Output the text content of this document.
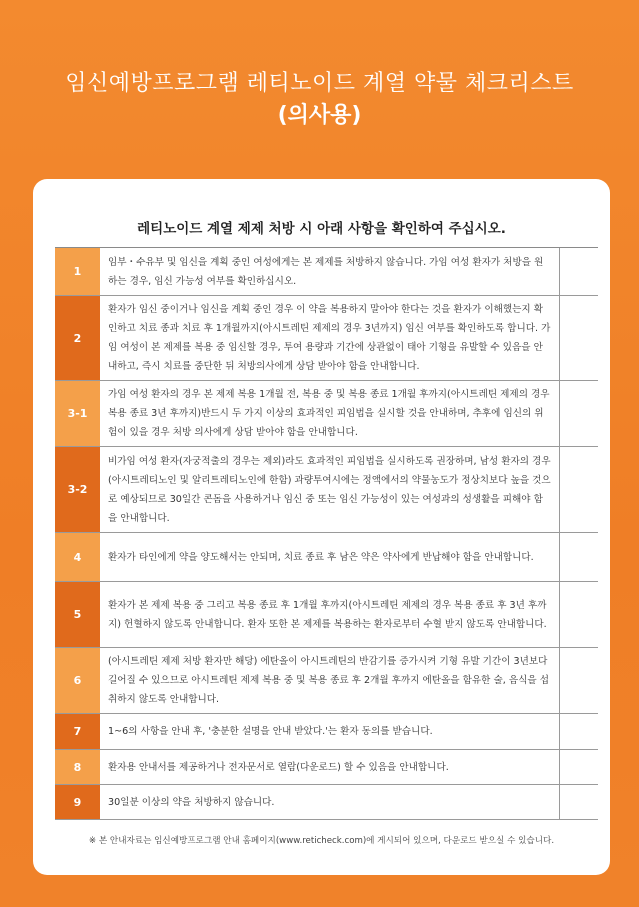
임신예방프로그램 레티노이드 계열 약물 체크리스트
(의사용)
레티노이드 계열 제제 처방 시 아래 사항을 확인하여 주십시오.
1
임부・수유부 및 임신을 계획 중인 여성에게는 본 제제를 처방하지 않습니다. 가임 여성 환자가 처방을 원하는 경우, 임신 가능성 여부를 확인하십시오.
2
환자가 임신 중이거나 임신을 계획 중인 경우 이 약을 복용하지 말아야 한다는 것을 환자가 이해했는지 확인하고 치료 종과 치료 후 1개월까지(아시트레틴 제제의 경우 3년까지) 임신 여부를 확인하도록 합니다. 가임 여성이 본 제제를 복용 중 임신할 경우, 투여 용량과 기간에 상관없이 태아 기형을 유발할 수 있음을 안내하고, 즉시 치료를 중단한 뒤 처방의사에게 상담 받아야 함을 안내합니다.
3-1
가임 여성 환자의 경우 본 제제 복용 1개월 전, 복용 중 및 복용 종료 1개월 후까지(아시트레틴 제제의 경우 복용 종료 3년 후까지)반드시 두 가지 이상의 효과적인 피임법을 실시할 것을 안내하며, 추후에 임신의 위험이 있을 경우 처방 의사에게 상담 받아야 함을 안내합니다.
3-2
비가임 여성 환자(자궁적출의 경우는 제외)라도 효과적인 피임법을 실시하도록 권장하며, 남성 환자의 경우(아시트레티노인 및 알리트레티노인에 한함) 과량투여시에는 정액에서의 약물농도가 정상치보다 높을 것으로 예상되므로 30일간 콘돔을 사용하거나 임신 중 또는 임신 가능성이 있는 여성과의 성생활을 피해야 함을 안내합니다.
4	환자가 타인에게 약을 양도해서는 안되며, 치료 종료 후 남은 약은 약사에게 반납해야 함을 안내합니다.
5
환자가 본 제제 복용 중 그리고 복용 종료 후 1개월 후까지(아시트레틴 제제의 경우 복용 종료 후 3년 후까지) 헌혈하지 않도록 안내합니다. 환자 또한 본 제제를 복용하는 환자로부터 수혈 받지 않도록 안내합니다.
6
(아시트레틴 제제 처방 환자만 해당) 에탄올이 아시트레틴의 반감기를 증가시켜 기형 유발 기간이 3년보다 길어질 수 있으므로 아시트레틴 제제 복용 중 및 복용 종료 후 2개월 후까지 에탄올을 함유한 술, 음식을 섭취하지 않도록 안내합니다.
7	1~6의 사항을 안내 후, '충분한 설명을 안내 받았다.'는 환자 동의를 받습니다.
8	환자용 안내서를 제공하거나 전자문서로 열람(다운로드) 할 수 있음을 안내합니다.
9	30일분 이상의 약을 처방하지 않습니다.
※ 본 안내자료는 임신예방프로그램 안내 홈페이지(www.reticheck.com)에 게시되어 있으며, 다운로드 받으실 수 있습니다.
